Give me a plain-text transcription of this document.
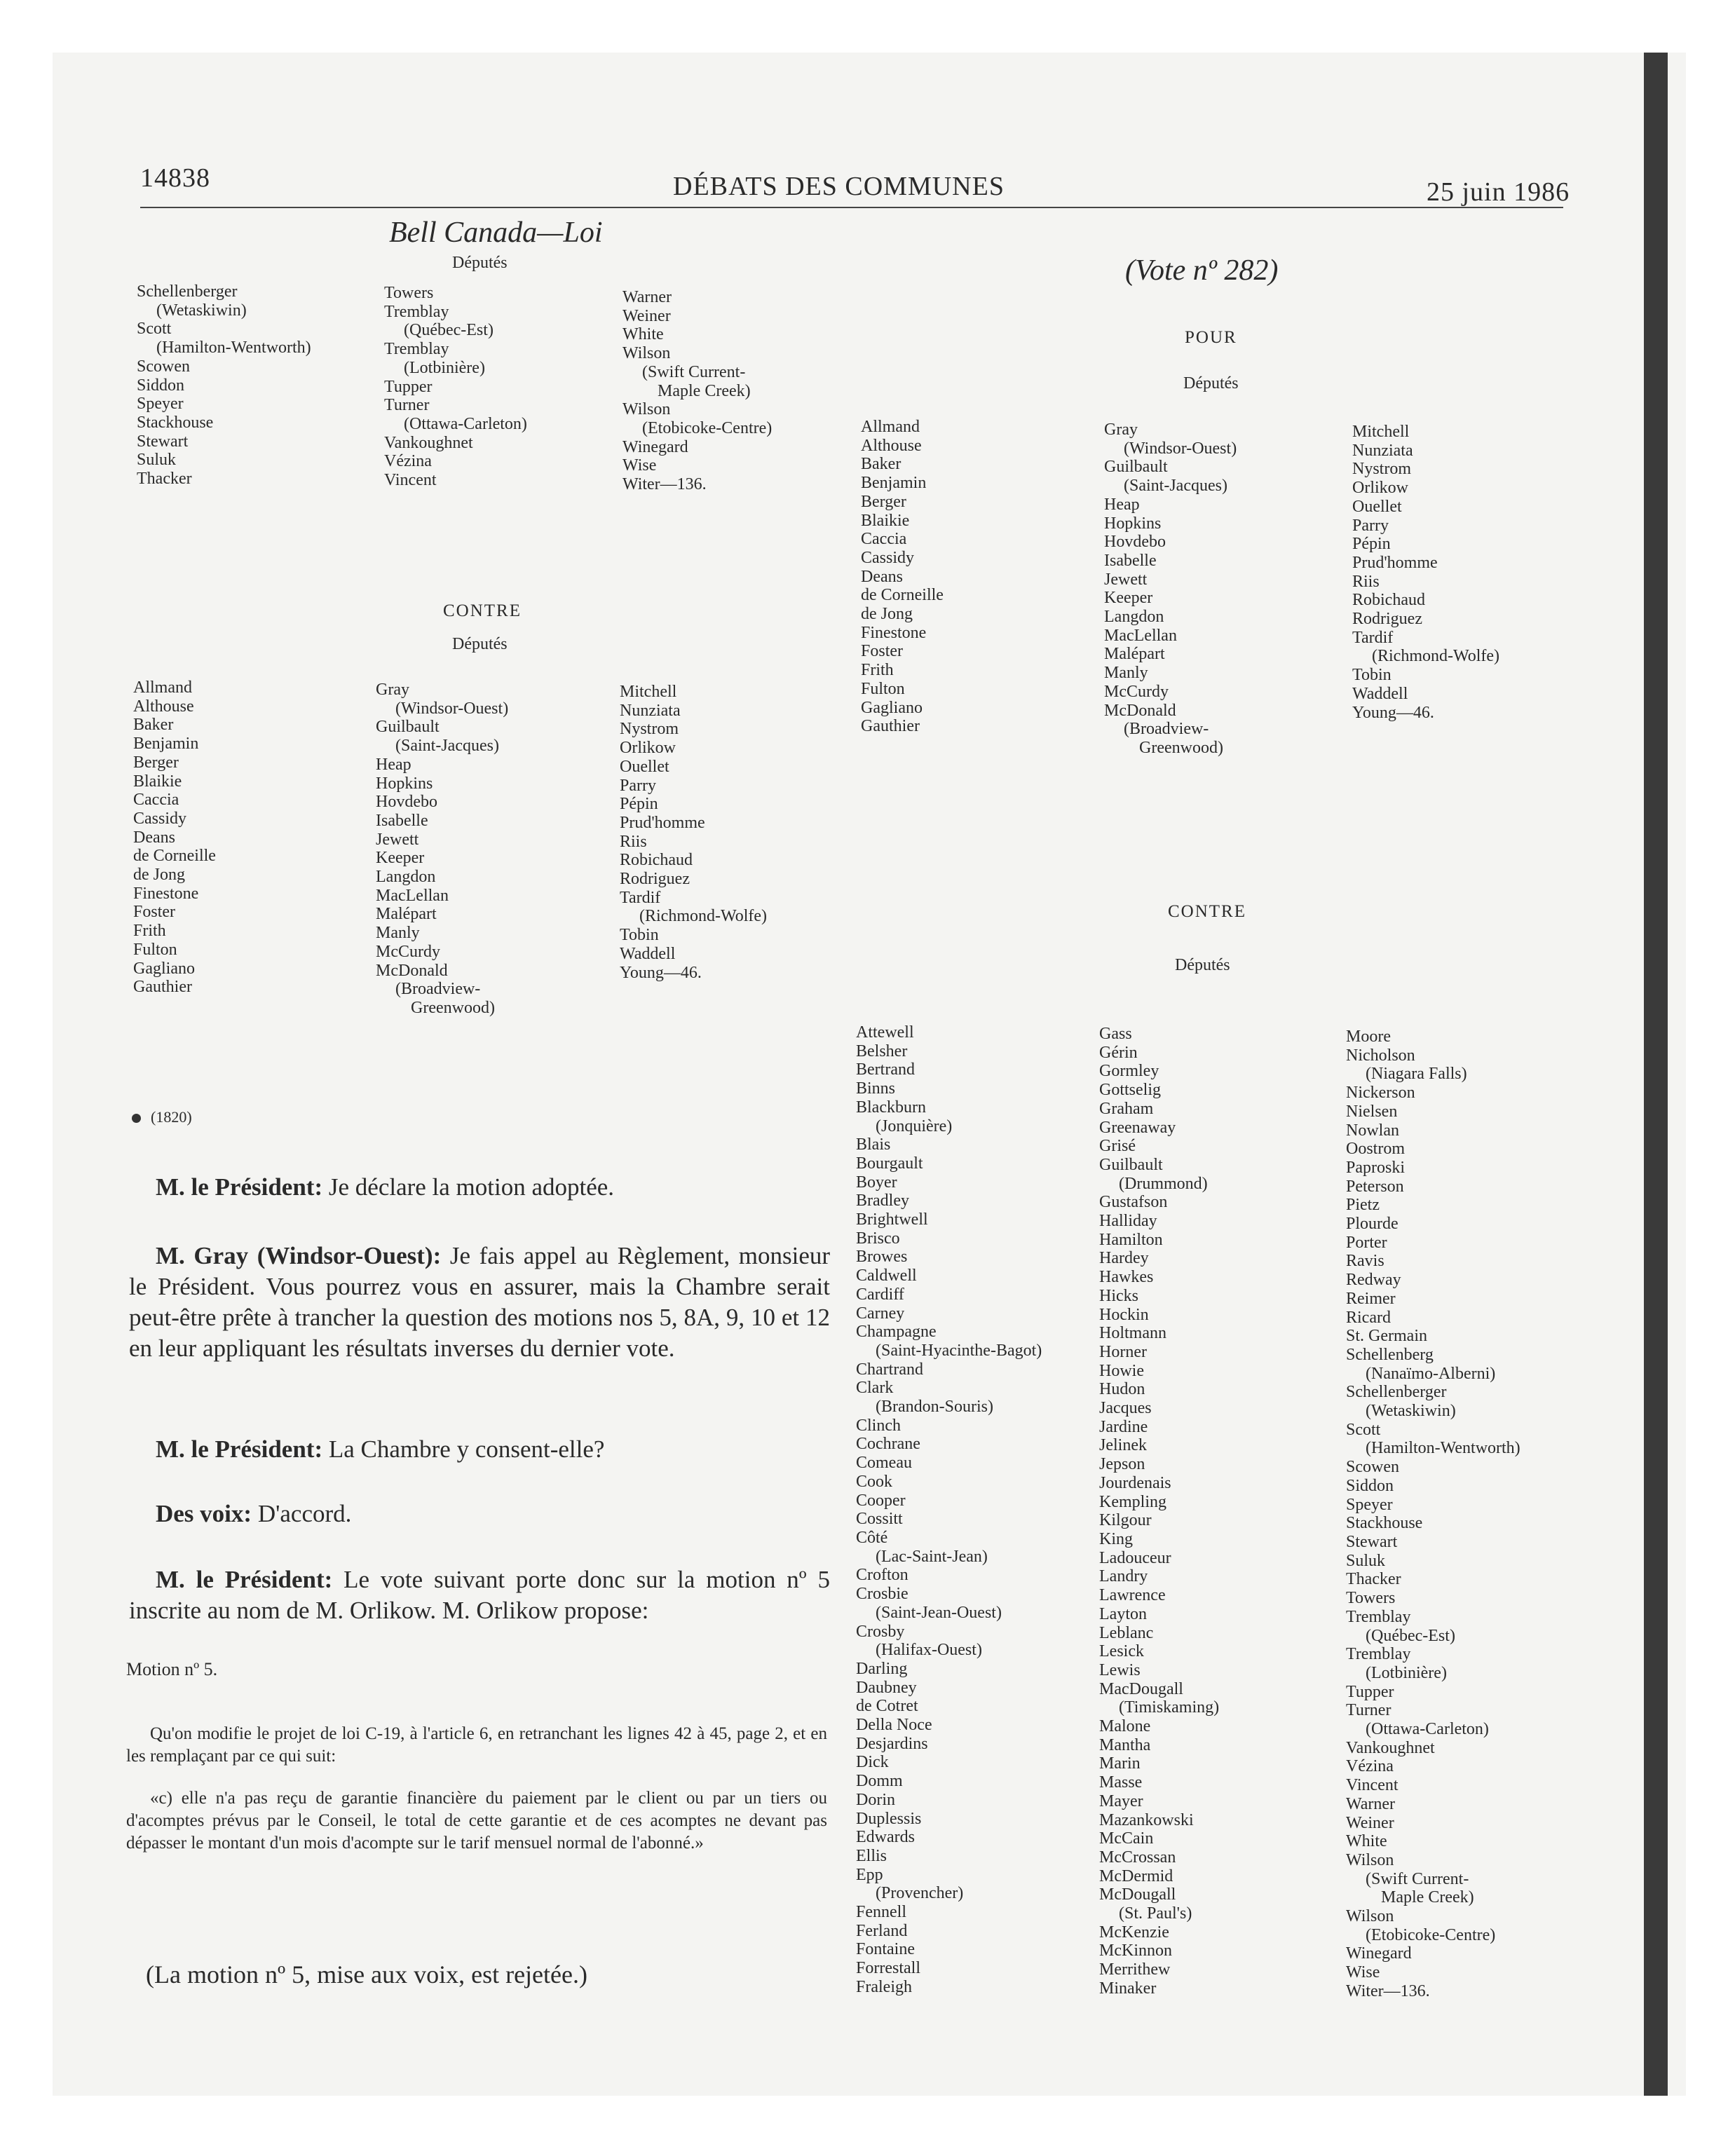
14838	DÉBATS DES COMMUNES	25 juin 1986
Bell Canada—Loi
Députés
Schellenberger
(Wetaskiwin)
Scott
(Hamilton-Wentworth)
Scowen
Siddon
Speyer
Stackhouse
Stewart
Suluk
Thacker
Towers
Tremblay
(Québec-Est)
Tremblay
(Lotbinière)
Tupper
Turner
(Ottawa-Carleton)
Vankoughnet
Vézina
Vincent
Warner
Weiner
White
Wilson
(Swift Current-
Maple Creek)
Wilson
(Etobicoke-Centre)
Winegard
Wise
Witer—136.
CONTRE
Députés
Allmand
Althouse
Baker
Benjamin
Berger
Blaikie
Caccia
Cassidy
Deans
de Corneille
de Jong
Finestone
Foster
Frith
Fulton
Gagliano
Gauthier
Gray
(Windsor-Ouest)
Guilbault
(Saint-Jacques)
Heap
Hopkins
Hovdebo
Isabelle
Jewett
Keeper
Langdon
MacLellan
Malépart
Manly
McCurdy
McDonald
(Broadview-
Greenwood)
Mitchell
Nunziata
Nystrom
Orlikow
Ouellet
Parry
Pépin
Prud'homme
Riis
Robichaud
Rodriguez
Tardif
(Richmond-Wolfe)
Tobin
Waddell
Young—46.
(1820)
M. le Président: Je déclare la motion adoptée.
M. Gray (Windsor-Ouest): Je fais appel au Règlement, monsieur le Président. Vous pourrez vous en assurer, mais la Chambre serait peut-être prête à trancher la question des motions nos 5, 8A, 9, 10 et 12 en leur appliquant les résultats inverses du dernier vote.
M. le Président: La Chambre y consent-elle?
Des voix: D'accord.
M. le Président: Le vote suivant porte donc sur la motion nº 5 inscrite au nom de M. Orlikow. M. Orlikow propose:
Motion nº 5.
Qu'on modifie le projet de loi C-19, à l'article 6, en retranchant les lignes 42 à 45, page 2, et en les remplaçant par ce qui suit:
«c) elle n'a pas reçu de garantie financière du paiement par le client ou par un tiers ou d'acomptes prévus par le Conseil, le total de cette garantie et de ces acomptes ne devant pas dépasser le montant d'un mois d'acompte sur le tarif mensuel normal de l'abonné.»
(La motion nº 5, mise aux voix, est rejetée.)
(Vote nº 282)
POUR
Députés
Allmand
Althouse
Baker
Benjamin
Berger
Blaikie
Caccia
Cassidy
Deans
de Corneille
de Jong
Finestone
Foster
Frith
Fulton
Gagliano
Gauthier
Gray
(Windsor-Ouest)
Guilbault
(Saint-Jacques)
Heap
Hopkins
Hovdebo
Isabelle
Jewett
Keeper
Langdon
MacLellan
Malépart
Manly
McCurdy
McDonald
(Broadview-
Greenwood)
Mitchell
Nunziata
Nystrom
Orlikow
Ouellet
Parry
Pépin
Prud'homme
Riis
Robichaud
Rodriguez
Tardif
(Richmond-Wolfe)
Tobin
Waddell
Young—46.
CONTRE
Députés
Attewell
Belsher
Bertrand
Binns
Blackburn
(Jonquière)
Blais
Bourgault
Boyer
Bradley
Brightwell
Brisco
Browes
Caldwell
Cardiff
Carney
Champagne
(Saint-Hyacinthe-Bagot)
Chartrand
Clark
(Brandon-Souris)
Clinch
Cochrane
Comeau
Cook
Cooper
Cossitt
Côté
(Lac-Saint-Jean)
Crofton
Crosbie
(Saint-Jean-Ouest)
Crosby
(Halifax-Ouest)
Darling
Daubney
de Cotret
Della Noce
Desjardins
Dick
Domm
Dorin
Duplessis
Edwards
Ellis
Epp
(Provencher)
Fennell
Ferland
Fontaine
Forrestall
Fraleigh
Gass
Gérin
Gormley
Gottselig
Graham
Greenaway
Grisé
Guilbault
(Drummond)
Gustafson
Halliday
Hamilton
Hardey
Hawkes
Hicks
Hockin
Holtmann
Horner
Howie
Hudon
Jacques
Jardine
Jelinek
Jepson
Jourdenais
Kempling
Kilgour
King
Ladouceur
Landry
Lawrence
Layton
Leblanc
Lesick
Lewis
MacDougall
(Timiskaming)
Malone
Mantha
Marin
Masse
Mayer
Mazankowski
McCain
McCrossan
McDermid
McDougall
(St. Paul's)
McKenzie
McKinnon
Merrithew
Minaker
Moore
Nicholson
(Niagara Falls)
Nickerson
Nielsen
Nowlan
Oostrom
Paproski
Peterson
Pietz
Plourde
Porter
Ravis
Redway
Reimer
Ricard
St. Germain
Schellenberg
(Nanaïmo-Alberni)
Schellenberger
(Wetaskiwin)
Scott
(Hamilton-Wentworth)
Scowen
Siddon
Speyer
Stackhouse
Stewart
Suluk
Thacker
Towers
Tremblay
(Québec-Est)
Tremblay
(Lotbinière)
Tupper
Turner
(Ottawa-Carleton)
Vankoughnet
Vézina
Vincent
Warner
Weiner
White
Wilson
(Swift Current-
Maple Creek)
Wilson
(Etobicoke-Centre)
Winegard
Wise
Witer—136.
